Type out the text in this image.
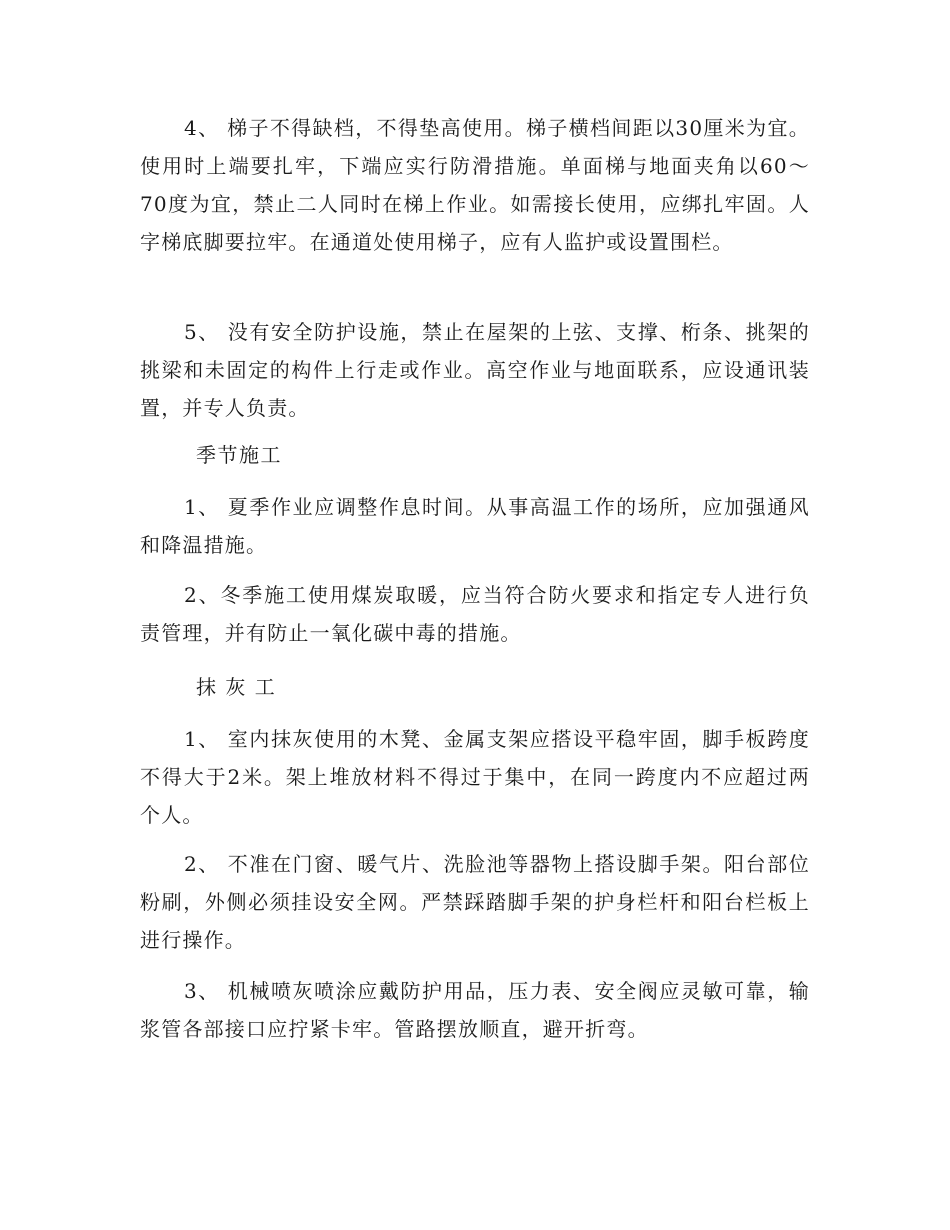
4、 梯子不得缺档，不得垫高使用。梯子横档间距以30厘米为宜。使用时上端要扎牢，下端应实行防滑措施。单面梯与地面夹角以60～70度为宜，禁止二人同时在梯上作业。如需接长使用，应绑扎牢固。人字梯底脚要拉牢。在通道处使用梯子，应有人监护或设置围栏。

5、 没有安全防护设施，禁止在屋架的上弦、支撑、桁条、挑架的挑梁和未固定的构件上行走或作业。高空作业与地面联系，应设通讯装置，并专人负责。

季节施工

1、 夏季作业应调整作息时间。从事高温工作的场所，应加强通风和降温措施。

2、冬季施工使用煤炭取暖，应当符合防火要求和指定专人进行负责管理，并有防止一氧化碳中毒的措施。

抹 灰 工

1、 室内抹灰使用的木凳、金属支架应搭设平稳牢固，脚手板跨度不得大于2米。架上堆放材料不得过于集中，在同一跨度内不应超过两个人。

2、 不准在门窗、暖气片、洗脸池等器物上搭设脚手架。阳台部位粉刷，外侧必须挂设安全网。严禁踩踏脚手架的护身栏杆和阳台栏板上进行操作。

3、 机械喷灰喷涂应戴防护用品，压力表、安全阀应灵敏可靠，输浆管各部接口应拧紧卡牢。管路摆放顺直，避开折弯。
